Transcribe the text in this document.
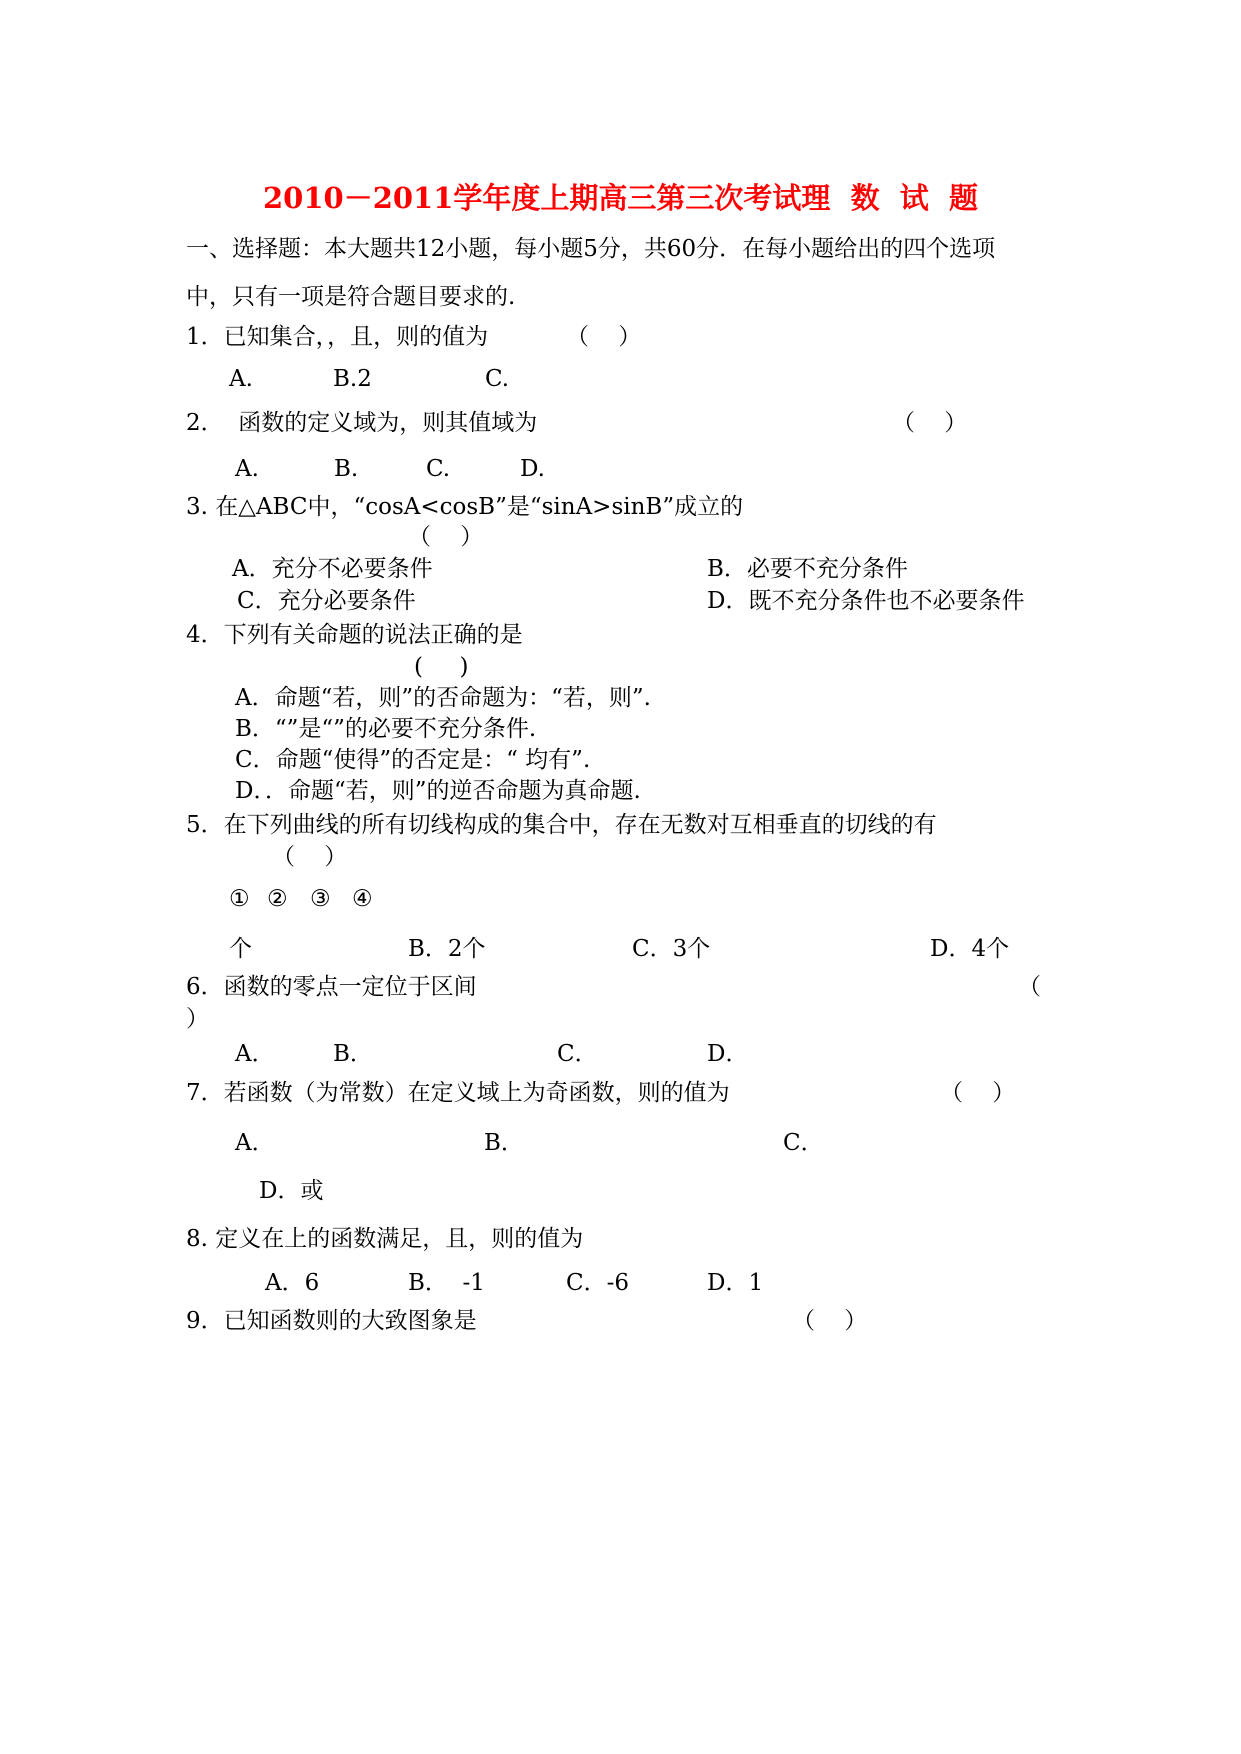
2010－2011学年度上期高三第三次考试理  数  试  题
一、选择题：本大题共12小题，每小题5分，共60分．在每小题给出的四个选项
中，只有一项是符合题目要求的.
1．已知集合，，且，则的值为	（    ）
A.	B.2	C.
2．  函数的定义域为，则其值域为	（    ）
A.	B.	C.	D.
3. 在△ABC中，“cosA<cosB”是“sinA>sinB”成立的
（    ）
A．充分不必要条件	B．必要不充分条件
C．充分必要条件	D．既不充分条件也不必要条件
4．下列有关命题的说法正确的是
(     )
A．命题“若，则”的否命题为：“若，则”.
B．“”是“”的必要不充分条件.
C．命题“使得”的否定是：“ 均有”.
D．．命题“若，则”的逆否命题为真命题.
5．在下列曲线的所有切线构成的集合中，存在无数对互相垂直的切线的有
（    ）
① ② ③ ④
个	B．2个	C．3个	D．4个
6．函数的零点一定位于区间	（
）
A．	B．	C．	D．
7．若函数（为常数）在定义域上为奇函数，则的值为	（    ）
A．	B．	C．
D．或
8. 定义在上的函数满足，且，则的值为
A．6	B．  -1	C．-6	D．1
9．已知函数则的大致图象是	（    ）
